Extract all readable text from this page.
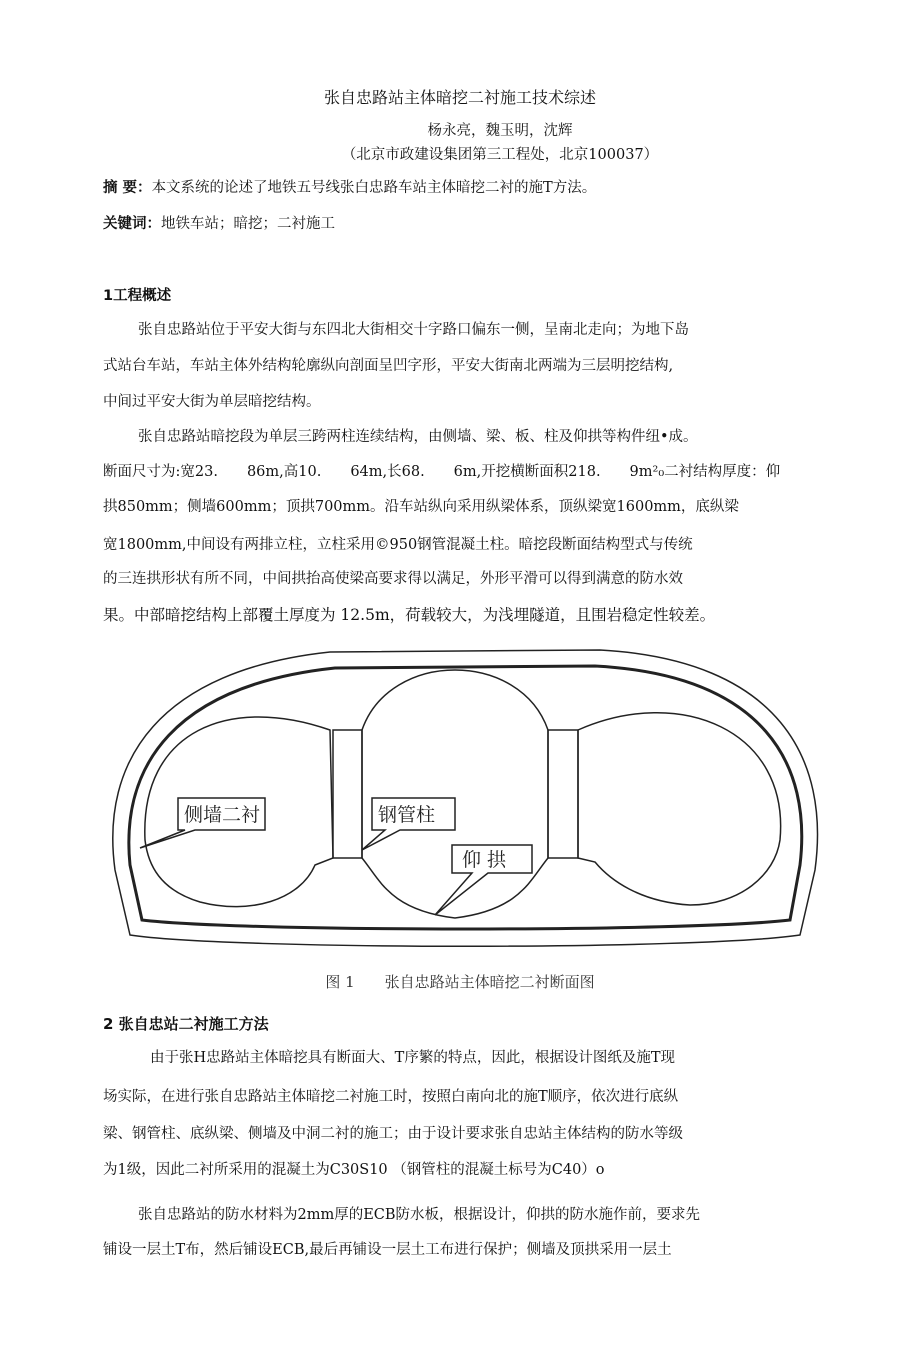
张自忠路站主体暗挖二衬施工技术综述
杨永亮，魏玉明，沈辉
（北京市政建设集团第三工程处，北京100037）
摘 要：本文系统的论述了地铁五号线张白忠路车站主体暗挖二衬的施T方法。
关键词：地铁车站；暗挖；二衬施工
1工程概述
张自忠路站位于平安大街与东四北大街相交十字路口偏东一侧，呈南北走向；为地下岛
式站台车站，车站主体外结构轮廓纵向剖面呈凹字形，平安大街南北两端为三层明挖结构,
中间过平安大街为单层暗挖结构。
张自忠路站暗挖段为单层三跨两柱连续结构，由侧墙、梁、板、柱及仰拱等构件纽•成。
断面尺寸为:宽23.　　86m,高10.　　64m,长68.　　6m,开挖横断面积218.　　9m²₀二衬结构厚度：仰
拱850mm；侧墙600mm；顶拱700mm。沿车站纵向采用纵梁体系，顶纵梁宽1600mm，底纵梁
宽1800mm,中间设有两排立柱，立柱采用©950钢管混凝土柱。暗挖段断面结构型式与传统
的三连拱形状有所不同，中间拱抬高使梁高要求得以满足，外形平滑可以得到满意的防水效
果。中部暗挖结构上部覆土厚度为 12.5m，荷载较大，为浅埋隧道，且围岩稳定性较差。
侧墙二衬	钢管柱
仰 拱
图 1　　张自忠路站主体暗挖二衬断面图
2 张自忠站二衬施工方法
由于张H忠路站主体暗挖具有断面大、T序繁的特点，因此，根据设计图纸及施T现
场实际，在进行张自忠路站主体暗挖二衬施工时，按照白南向北的施T顺序，依次进行底纵
梁、钢管柱、底纵梁、侧墙及中洞二衬的施工；由于设计要求张自忠站主体结构的防水等级
为1级，因此二衬所采用的混凝土为C30S10 （钢管柱的混凝土标号为C40）o
张自忠路站的防水材料为2mm厚的ECB防水板，根据设计，仰拱的防水施作前，要求先
铺设一层土T布，然后铺设ECB,最后再铺设一层土工布进行保护；侧墙及顶拱采用一层土
